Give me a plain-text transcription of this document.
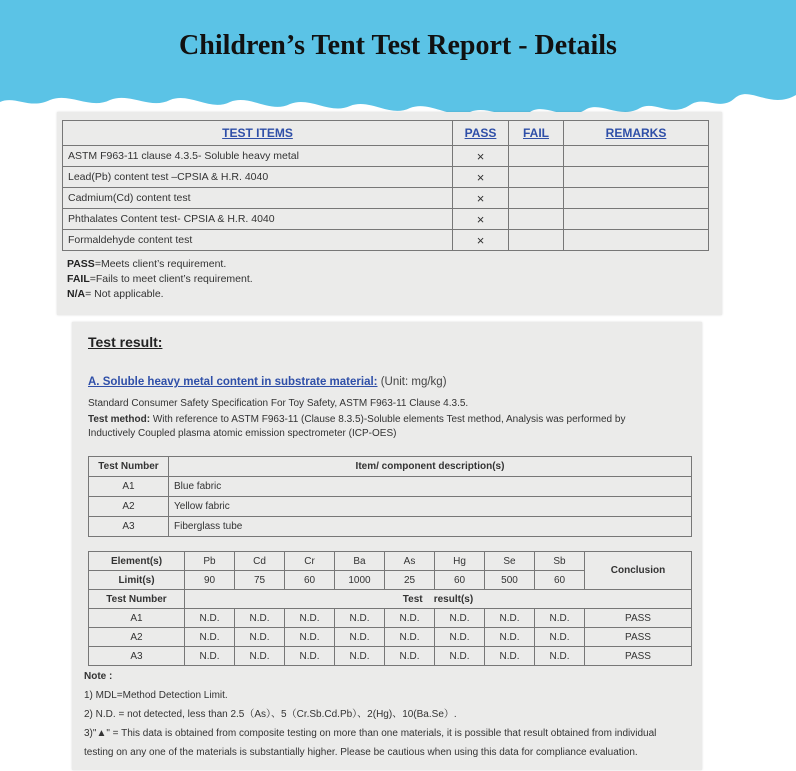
Children’s Tent Test Report - Details
TEST ITEMS	PASS	FAIL	REMARKS
ASTM F963-11 clause 4.3.5- Soluble heavy metal	×		
Lead(Pb) content test –CPSIA & H.R. 4040	×		
Cadmium(Cd) content test	×		
Phthalates Content test- CPSIA & H.R. 4040	×		
Formaldehyde content test	×		
PASS=Meets client’s requirement.
FAIL=Fails to meet client’s requirement.
N/A= Not applicable.
Test result:
A. Soluble heavy metal content in substrate material: (Unit: mg/kg)
Standard Consumer Safety Specification For Toy Safety, ASTM F963-11 Clause 4.3.5.
Test method: With reference to ASTM F963-11 (Clause 8.3.5)-Soluble elements Test method, Analysis was performed by
Inductively Coupled plasma atomic emission spectrometer (ICP-OES)
Test Number	Item/ component description(s)
A1	Blue fabric
A2	Yellow fabric
A3	Fiberglass tube
Element(s)	Pb	Cd	Cr	Ba	As	Hg	Se	Sb	Conclusion
Limit(s)	90	75	60	1000	25	60	500	60	
Test Number	Test    result(s)								
A1	N.D.	N.D.	N.D.	N.D.	N.D.	N.D.	N.D.	N.D.	PASS
A2	N.D.	N.D.	N.D.	N.D.	N.D.	N.D.	N.D.	N.D.	PASS
A3	N.D.	N.D.	N.D.	N.D.	N.D.	N.D.	N.D.	N.D.	PASS
Note :
1) MDL=Method Detection Limit.
2) N.D. = not detected, less than 2.5（As）、5（Cr.Sb.Cd.Pb）、2(Hg)、10(Ba.Se）.
3)"▲" = This data is obtained from composite testing on more than one materials, it is possible that result obtained from individual
testing on any one of the materials is substantially higher. Please be cautious when using this data for compliance evaluation.
